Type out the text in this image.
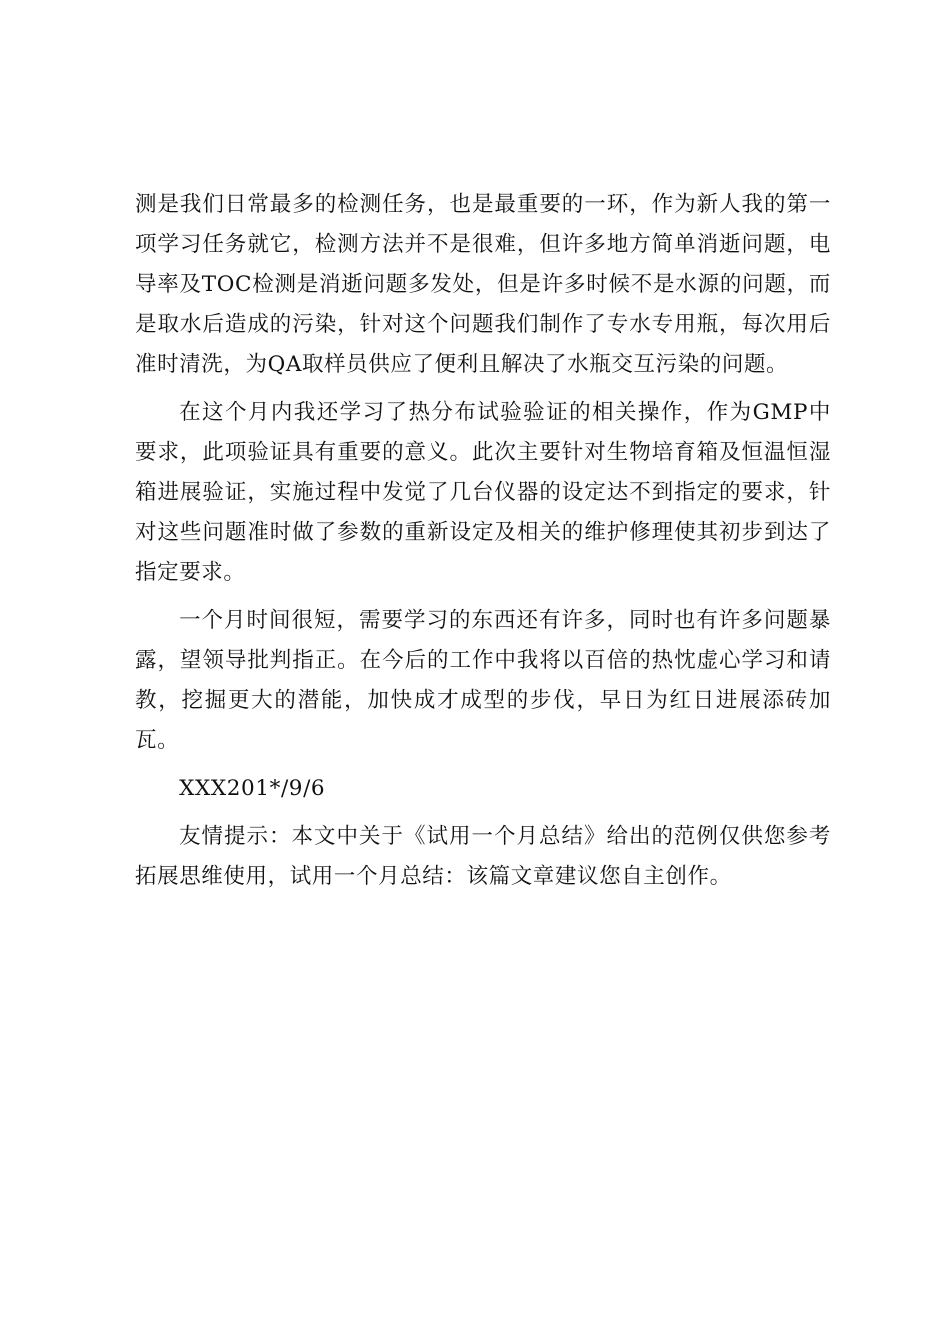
测是我们日常最多的检测任务，也是最重要的一环，作为新人我的第一项学习任务就它，检测方法并不是很难，但许多地方简单消逝问题，电导率及TOC检测是消逝问题多发处，但是许多时候不是水源的问题，而是取水后造成的污染，针对这个问题我们制作了专水专用瓶，每次用后准时清洗，为QA取样员供应了便利且解决了水瓶交互污染的问题。

在这个月内我还学习了热分布试验验证的相关操作，作为GMP中要求，此项验证具有重要的意义。此次主要针对生物培育箱及恒温恒湿箱进展验证，实施过程中发觉了几台仪器的设定达不到指定的要求，针对这些问题准时做了参数的重新设定及相关的维护修理使其初步到达了指定要求。

一个月时间很短，需要学习的东西还有许多，同时也有许多问题暴露，望领导批判指正。在今后的工作中我将以百倍的热忱虚心学习和请教，挖掘更大的潜能，加快成才成型的步伐，早日为红日进展添砖加瓦。

XXX201*/9/6

友情提示：本文中关于《试用一个月总结》给出的范例仅供您参考拓展思维使用，试用一个月总结：该篇文章建议您自主创作。
